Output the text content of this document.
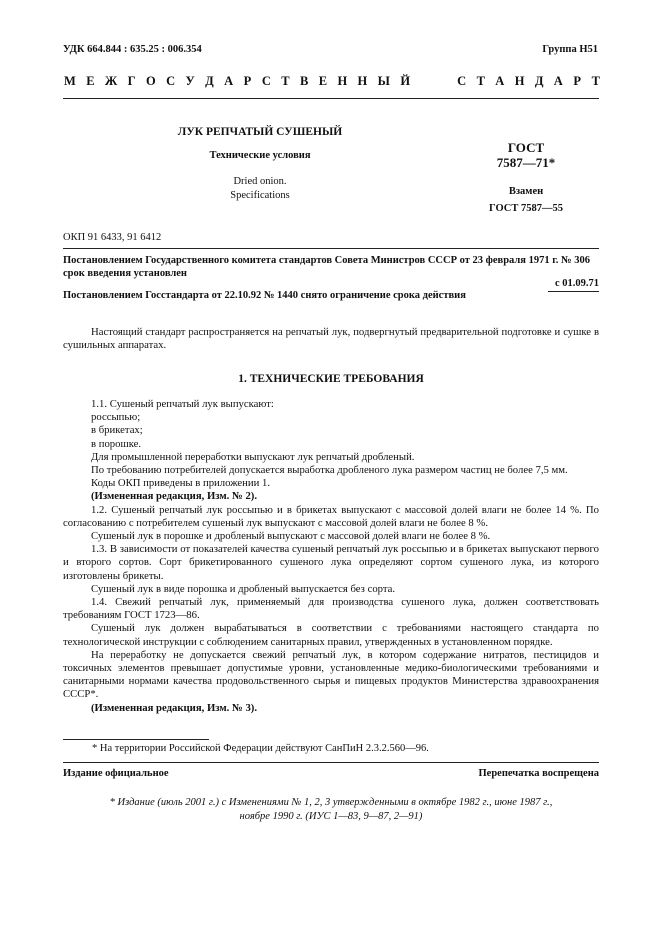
УДК 664.844 : 635.25 : 006.354	Группа Н51
М Е Ж Г О С У Д А Р С Т В Е Н Н Ы Й	С Т А Н Д А Р Т
ЛУК РЕПЧАТЫЙ СУШЕНЫЙ
Технические условия
Dried onion.
Specifications
ГОСТ
7587—71*
Взамен
ГОСТ 7587—55
ОКП 91 6433, 91 6412
Постановлением Государственного комитета стандартов Совета Министров СССР от 23 февраля 1971 г. № 306 срок введения установлен
с 01.09.71
Постановлением Госстандарта от 22.10.92 № 1440 снято ограничение срока действия

Настоящий стандарт распространяется на репчатый лук, подвергнутый предварительной подготовке и сушке в сушильных аппаратах.

1. ТЕХНИЧЕСКИЕ ТРЕБОВАНИЯ

1.1. Сушеный репчатый лук выпускают:

россыпью;

в брикетах;

в порошке.

Для промышленной переработки выпускают лук репчатый дробленый.

По требованию потребителей допускается выработка дробленого лука размером частиц не более 7,5 мм.

Коды ОКП приведены в приложении 1.

(Измененная редакция, Изм. № 2).

1.2. Сушеный репчатый лук россыпью и в брикетах выпускают с массовой долей влаги не более 14 %. По согласованию с потребителем сушеный лук выпускают с массовой долей влаги не более 8 %.

Сушеный лук в порошке и дробленый выпускают с массовой долей влаги не более 8 %.

1.3. В зависимости от показателей качества сушеный репчатый лук россыпью и в брикетах выпускают первого и второго сортов. Сорт брикетированного сушеного лука определяют сортом сушеного лука, из которого изготовлены брикеты.

Сушеный лук в виде порошка и дробленый выпускается без сорта.

1.4. Свежий репчатый лук, применяемый для производства сушеного лука, должен соответствовать требованиям ГОСТ 1723—86.

Сушеный лук должен вырабатываться в соответствии с требованиями настоящего стандарта по технологической инструкции с соблюдением санитарных правил, утвержденных в установленном порядке.

На переработку не допускается свежий репчатый лук, в котором содержание нитратов, пестицидов и токсичных элементов превышает допустимые уровни, установленные медико-биологическими требованиями и санитарными нормами качества продовольственного сырья и пищевых продуктов Министерства здравоохранения СССР*.

(Измененная редакция, Изм. № 3).

* На территории Российской Федерации действуют СанПиН 2.3.2.560—96.
Издание официальное	Перепечатка воспрещена
* Издание (июль 2001 г.) с Изменениями № 1, 2, 3 утвержденными в октябре 1982 г., июне 1987 г.,
ноябре 1990 г. (ИУС 1—83, 9—87, 2—91)
